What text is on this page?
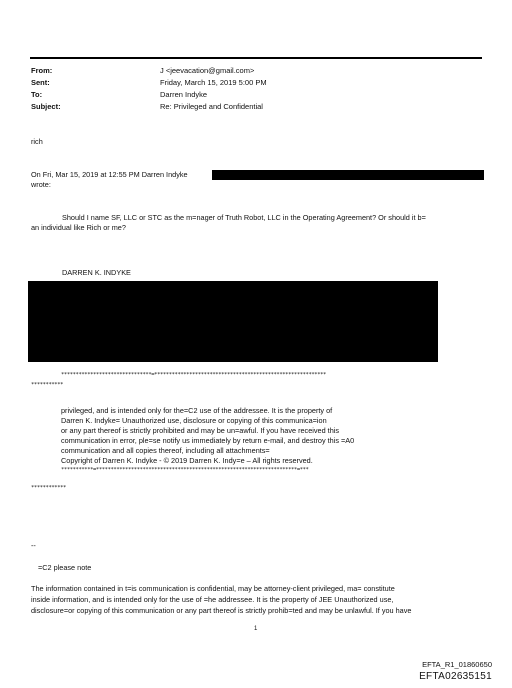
From:	J <jeevacation@gmail.com>
Sent:	Friday, March 15, 2019 5:00 PM
To:	Darren Indyke
Subject:	Re: Privileged and Confidential
rich
On Fri, Mar 15, 2019 at 12:55 PM Darren Indyke
wrote:
Should I name SF, LLC or STC as the m=nager of Truth Robot, LLC in the Operating Agreement? Or should it b=
an individual like Rich or me?
DARREN K. INDYKE
*******************************=***********************************************************
***********
privileged, and is intended only for the=C2 use of the addressee. It is the property of
Darren K. Indyke= Unauthorized use, disclosure or copying of this communica=ion
or any part thereof is strictly prohibited and may be un=awful. If you have received this
communication in error, ple=se notify us immediately by return e-mail, and destroy this =A0
communication and all copies thereof, including all attachments=
Copyright of Darren K. Indyke - © 2019 Darren K. Indy=e – All rights reserved.
***********=*********************************************************************=***
************
--
=C2 please note
The information contained in t=is communication is confidential, may be attorney-client privileged, ma= constitute
inside information, and is intended only for the use of =he addressee. It is the property of JEE Unauthorized use,
disclosure=or copying of this communication or any part thereof is strictly prohib=ted and may be unlawful. If you have
1
EFTA_R1_01860650
EFTA02635151
